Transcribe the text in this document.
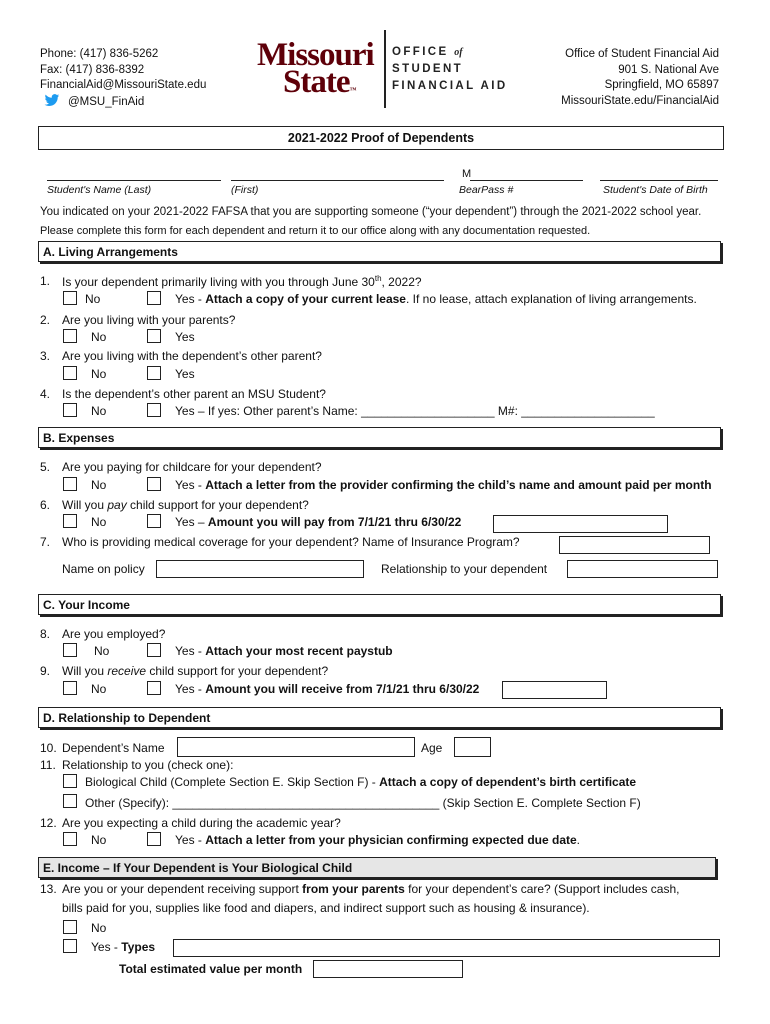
Phone: (417) 836-5262
Fax: (417) 836-8392
FinancialAid@MissouriState.edu
@MSU_FinAid
Missouri
State™
OFFICE of
STUDENT
FINANCIAL AID
Office of Student Financial Aid
901 S. National Ave
Springfield, MO 65897
MissouriState.edu/FinancialAid
2021-2022 Proof of Dependents
Student's Name (Last)	(First)
M
BearPass #	Student's Date of Birth
You indicated on your 2021-2022 FAFSA that you are supporting someone (“your dependent”) through the 2021-2022 school year.
Please complete this form for each dependent and return it to our office along with any documentation requested.
A. Living Arrangements
1. Is your dependent primarily living with you through June 30th, 2022?
No	Yes - Attach a copy of your current lease. If no lease, attach explanation of living arrangements.
2. Are you living with your parents?
No	Yes
3. Are you living with the dependent’s other parent?
No	Yes
4. Is the dependent’s other parent an MSU Student?
No	Yes – If yes: Other parent’s Name: ____________________ M#: ____________________
B. Expenses
5. Are you paying for childcare for your dependent?
No	Yes - Attach a letter from the provider confirming the child’s name and amount paid per month
6. Will you pay child support for your dependent?
No	Yes – Amount you will pay from 7/1/21 thru 6/30/22
7. Who is providing medical coverage for your dependent? Name of Insurance Program?
Name on policy	Relationship to your dependent
C. Your Income
8. Are you employed?
No	Yes - Attach your most recent paystub
9. Will you receive child support for your dependent?
No	Yes - Amount you will receive from 7/1/21 thru 6/30/22
D. Relationship to Dependent
10. Dependent’s Name	Age
11. Relationship to you (check one):
Biological Child (Complete Section E. Skip Section F) - Attach a copy of dependent’s birth certificate
Other (Specify): ________________________________________ (Skip Section E. Complete Section F)
12. Are you expecting a child during the academic year?
No	Yes - Attach a letter from your physician confirming expected due date.
E. Income – If Your Dependent is Your Biological Child
13. Are you or your dependent receiving support from your parents for your dependent’s care? (Support includes cash,
bills paid for you, supplies like food and diapers, and indirect support such as housing & insurance).
No
Yes - Types
Total estimated value per month
